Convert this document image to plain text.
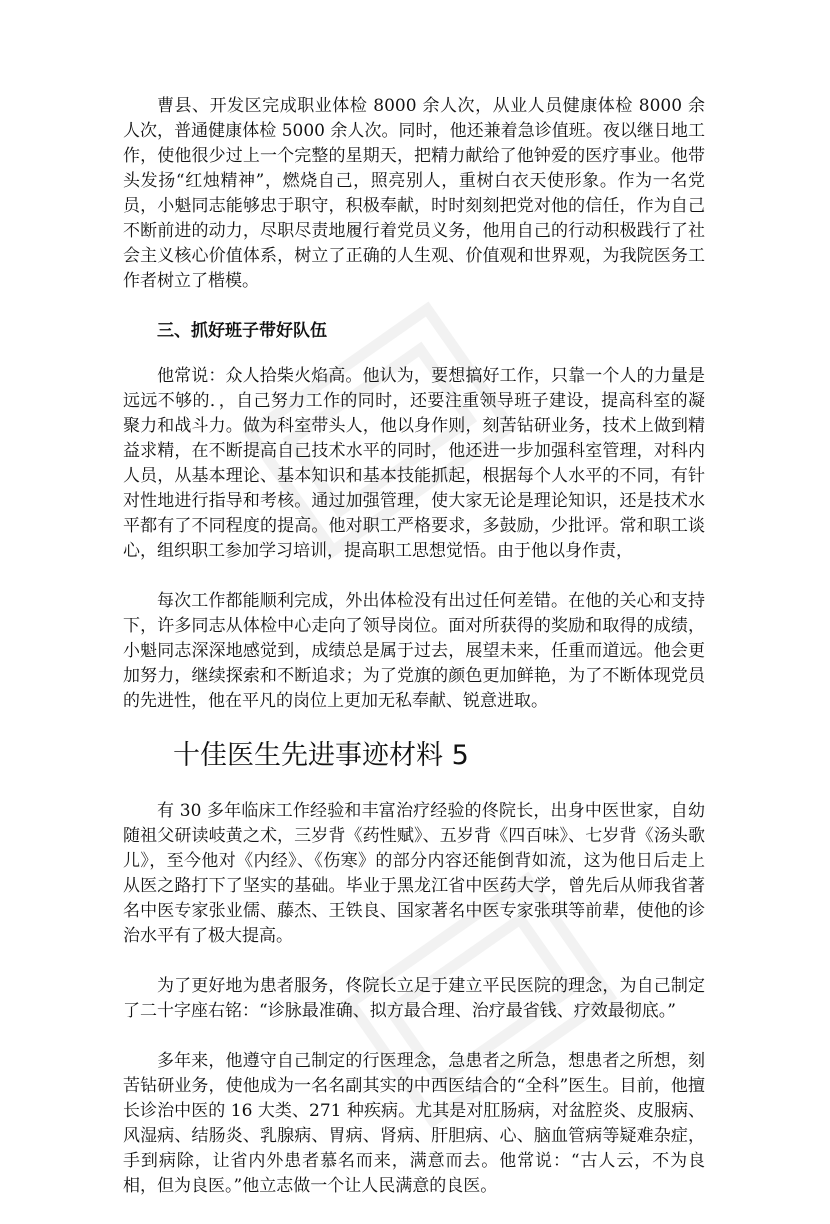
曹县、开发区完成职业体检 8000 余人次，从业人员健康体检 8000 余人次，普通健康体检 5000 余人次。同时，他还兼着急诊值班。夜以继日地工作，使他很少过上一个完整的星期天，把精力献给了他钟爱的医疗事业。他带头发扬“红烛精神”，燃烧自己，照亮别人，重树白衣天使形象。作为一名党员，小魁同志能够忠于职守，积极奉献，时时刻刻把党对他的信任，作为自己不断前进的动力，尽职尽责地履行着党员义务，他用自己的行动积极践行了社会主义核心价值体系，树立了正确的人生观、价值观和世界观，为我院医务工作者树立了楷模。

三、抓好班子带好队伍

他常说：众人拾柴火焰高。他认为，要想搞好工作，只靠一个人的力量是远远不够的．，自己努力工作的同时，还要注重领导班子建设，提高科室的凝聚力和战斗力。做为科室带头人，他以身作则，刻苦钻研业务，技术上做到精益求精，在不断提高自己技术水平的同时，他还进一步加强科室管理，对科内人员，从基本理论、基本知识和基本技能抓起，根据每个人水平的不同，有针对性地进行指导和考核。通过加强管理，使大家无论是理论知识，还是技术水平都有了不同程度的提高。他对职工严格要求，多鼓励，少批评。常和职工谈心，组织职工参加学习培训，提高职工思想觉悟。由于他以身作责，

每次工作都能顺利完成，外出体检没有出过任何差错。在他的关心和支持下，许多同志从体检中心走向了领导岗位。面对所获得的奖励和取得的成绩，小魁同志深深地感觉到，成绩总是属于过去，展望未来，任重而道远。他会更加努力，继续探索和不断追求；为了党旗的颜色更加鲜艳，为了不断体现党员的先进性，他在平凡的岗位上更加无私奉献、锐意进取。

十佳医生先进事迹材料 5

有 30 多年临床工作经验和丰富治疗经验的佟院长，出身中医世家，自幼随祖父研读岐黄之术，三岁背《药性赋》、五岁背《四百味》、七岁背《汤头歌儿》，至今他对《内经》、《伤寒》的部分内容还能倒背如流，这为他日后走上从医之路打下了坚实的基础。毕业于黑龙江省中医药大学，曾先后从师我省著名中医专家张业儒、藤杰、王铁良、国家著名中医专家张琪等前辈，使他的诊治水平有了极大提高。

为了更好地为患者服务，佟院长立足于建立平民医院的理念，为自己制定了二十字座右铭：“诊脉最准确、拟方最合理、治疗最省钱、疗效最彻底。”

多年来，他遵守自己制定的行医理念，急患者之所急，想患者之所想，刻苦钻研业务，使他成为一名名副其实的中西医结合的“全科”医生。目前，他擅长诊治中医的 16 大类、271 种疾病。尤其是对肛肠病，对盆腔炎、皮服病、风湿病、结肠炎、乳腺病、胃病、肾病、肝胆病、心、脑血管病等疑难杂症，手到病除，让省内外患者慕名而来，满意而去。他常说：“古人云，不为良相，但为良医。”他立志做一个让人民满意的良医。
